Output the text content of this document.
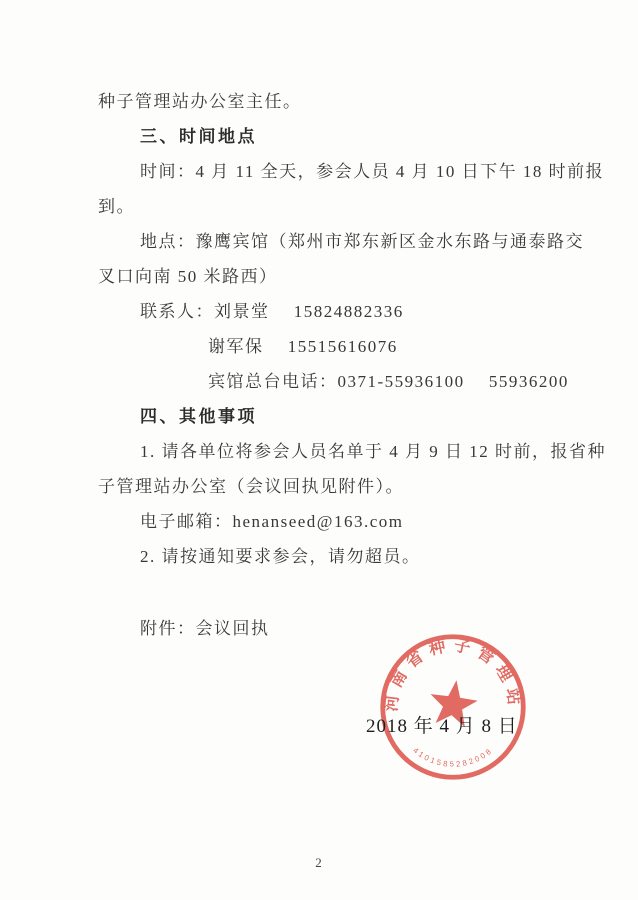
种子管理站办公室主任。

三、时间地点

时间：4 月 11 全天，参会人员 4 月 10 日下午 18 时前报

到。

地点：豫鹰宾馆（郑州市郑东新区金水东路与通泰路交

叉口向南 50 米路西）

联系人：刘景堂　 15824882336

谢军保　 15515616076

宾馆总台电话：0371-55936100　 55936200

四、其他事项

1. 请各单位将参会人员名单于 4 月 9 日 12 时前，报省种

子管理站办公室（会议回执见附件）。

电子邮箱：henanseed@163.com

2. 请按通知要求参会，请勿超员。

附件：会议回执

河南省种子管理站
4101585282008
2018 年 4 月 8 日
2
